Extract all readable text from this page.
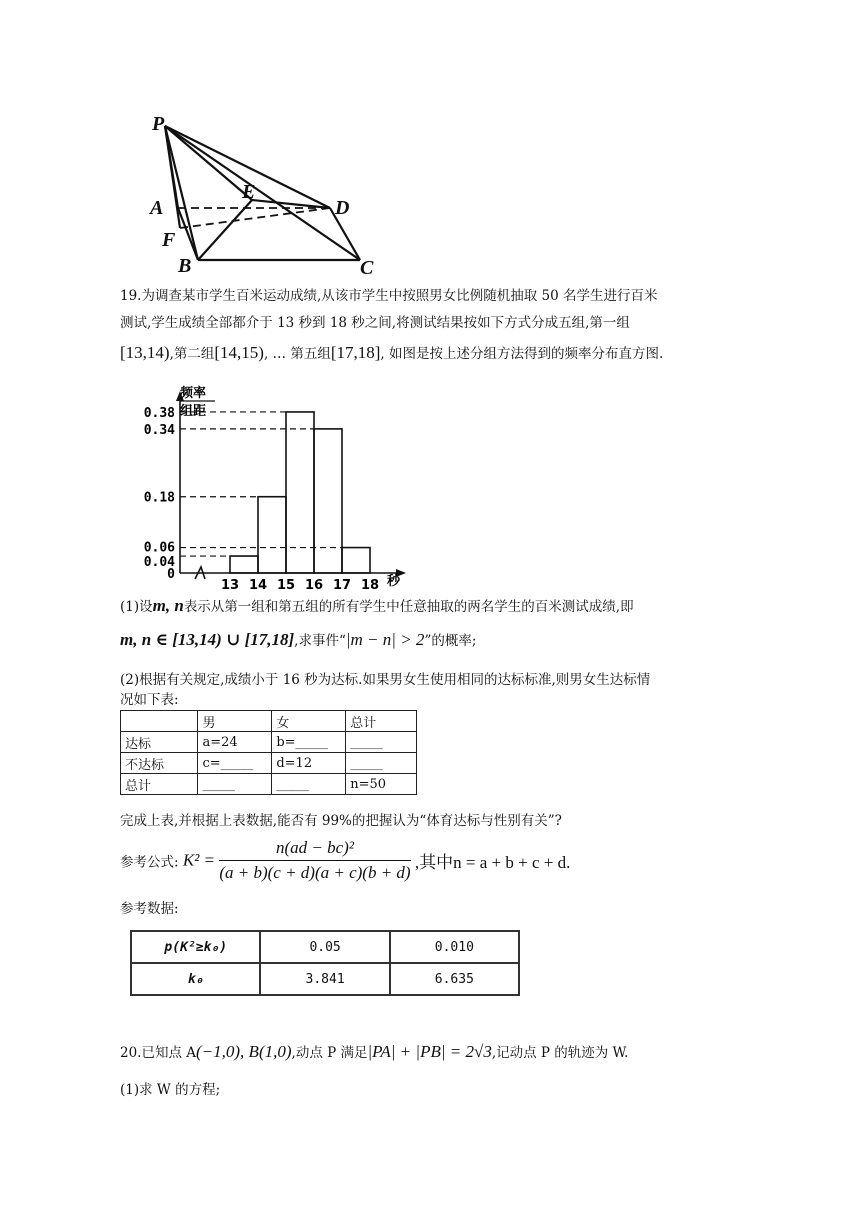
P
A
F
B	C
D
E
19.为调查某市学生百米运动成绩,从该市学生中按照男女比例随机抽取 50 名学生进行百米
测试,学生成绩全部都介于 13 秒到 18 秒之间,将测试结果按如下方式分成五组,第一组
[13,14),第二组[14,15), … 第五组[17,18], 如图是按上述分组方法得到的频率分布直方图.
频率
组距
秒
0.38
0.34
0.18
0.06
0.04
0
13 14 15 16 17 18
(1)设m, n表示从第一组和第五组的所有学生中任意抽取的两名学生的百米测试成绩,即
m, n ∈ [13,14) ∪ [17,18],求事件“|m − n| > 2”的概率;
(2)根据有关规定,成绩小于 16 秒为达标.如果男女生使用相同的达标标准,则男女生达标情
况如下表:
	男	女	总计
达标	a=24	b=_____	_____
不达标	c=_____	d=12	_____
总计	_____	_____	n=50
完成上表,并根据上表数据,能否有 99%的把握认为“体育达标与性别有关”?
参考公式: $K^2 = \frac{\text{n(ad − bc)²}}{(a + b)(c + d)(a + c)(b + d)}$ ,其中n = a + b + c + d.
参考数据:
p(K²≥k₀)	0.05	0.010
k₀	3.841	6.635
20.已知点 A(−1,0), B(1,0),动点 P 满足|PA| + |PB| = 2√3,记动点 P 的轨迹为 W.
(1)求 W 的方程;
